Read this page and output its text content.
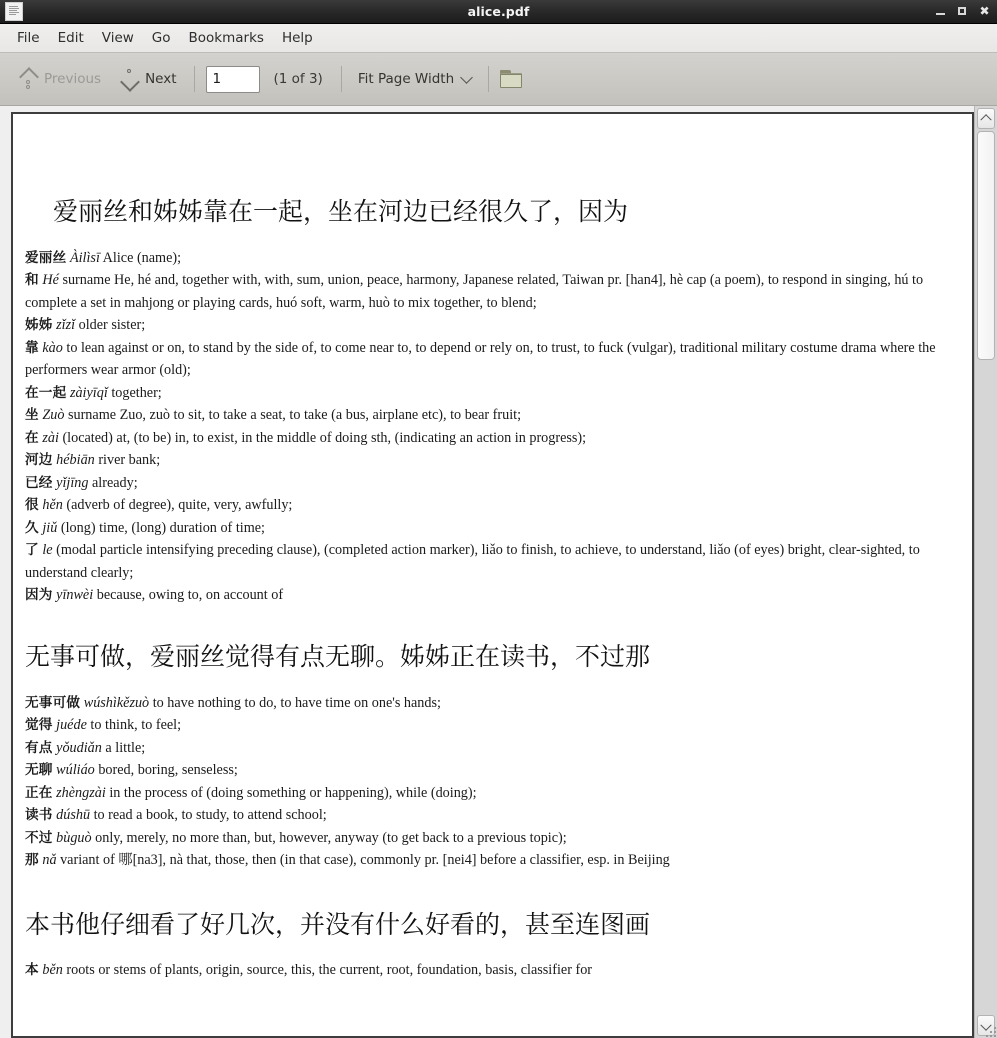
alice.pdf	✖
File	Edit	View	Go	Bookmarks	Help
Previous	Next
1	(1 of 3)	Fit Page Width
爱丽丝和姊姊靠在一起，坐在河边已经很久了，因为

爱丽丝 Àilìsī Alice (name);

和 Hé surname He, hé and, together with, with, sum, union, peace, harmony, Japanese related, Taiwan pr. [han4], hè cap (a poem), to respond in singing, hú to complete a set in mahjong or playing cards, huó soft, warm, huò to mix together, to blend;

姊姊 zǐzǐ older sister;

靠 kào to lean against or on, to stand by the side of, to come near to, to depend or rely on, to trust, to fuck (vulgar), traditional military costume drama where the performers wear armor (old);

在一起 zàiyīqǐ together;

坐 Zuò surname Zuo, zuò to sit, to take a seat, to take (a bus, airplane etc), to bear fruit;

在 zài (located) at, (to be) in, to exist, in the middle of doing sth, (indicating an action in progress);

河边 hébiān river bank;

已经 yǐjīng already;

很 hěn (adverb of degree), quite, very, awfully;

久 jiǔ (long) time, (long) duration of time;

了 le (modal particle intensifying preceding clause), (completed action marker), liǎo to finish, to achieve, to understand, liǎo (of eyes) bright, clear-sighted, to understand clearly;

因为 yīnwèi because, owing to, on account of

无事可做，爱丽丝觉得有点无聊。姊姊正在读书，不过那

无事可做 wúshìkězuò to have nothing to do, to have time on one's hands;

觉得 juéde to think, to feel;

有点 yǒudiǎn a little;

无聊 wúliáo bored, boring, senseless;

正在 zhèngzài in the process of (doing something or happening), while (doing);

读书 dúshū to read a book, to study, to attend school;

不过 bùguò only, merely, no more than, but, however, anyway (to get back to a previous topic);

那 nǎ variant of 哪[na3], nà that, those, then (in that case), commonly pr. [nei4] before a classifier, esp. in Beijing

本书他仔细看了好几次，并没有什么好看的，甚至连图画

本 běn roots or stems of plants, origin, source, this, the current, root, foundation, basis, classifier for
